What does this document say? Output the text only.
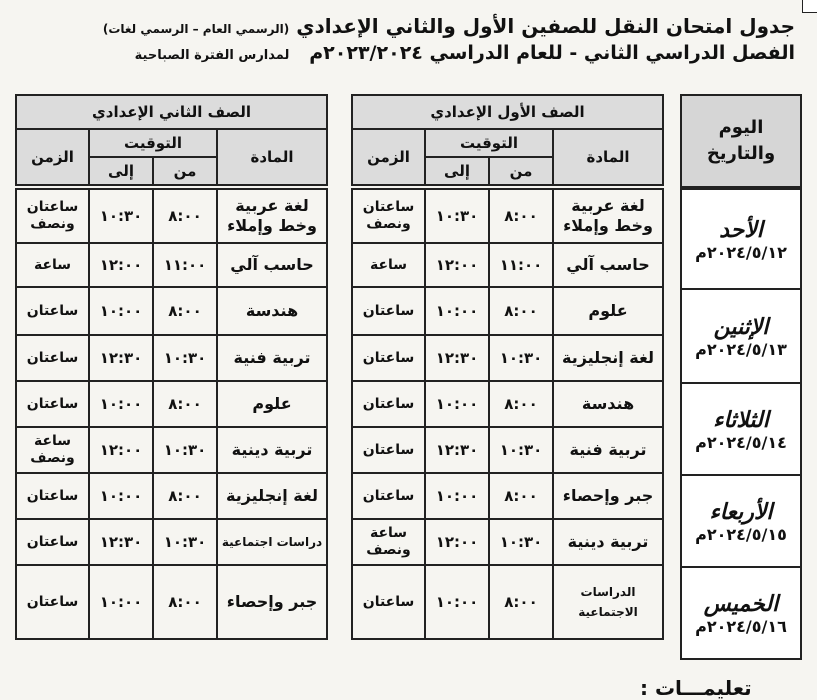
جدول امتحان النقل للصفين الأول والثاني الإعدادي (الرسمي العام – الرسمي لغات)
الفصل الدراسي الثاني - للعام الدراسي ٢٠٢٣/٢٠٢٤م   لمدارس الفترة الصباحية
اليوم والتاريخ

الأحد
٢٠٢٤/٥/١٢م

الإثنين
٢٠٢٤/٥/١٣م

الثلاثاء
٢٠٢٤/٥/١٤م

الأربعاء
٢٠٢٤/٥/١٥م

الخميس
٢٠٢٤/٥/١٦م
الصف الأول الإعدادي			
المادة	التوقيت		الزمن
	من	إلى	

لغة عربية وخط وإملاء	٨:٠٠	١٠:٣٠	ساعتان ونصف
حاسب آلي	١١:٠٠	١٢:٠٠	ساعة
علوم	٨:٠٠	١٠:٠٠	ساعتان
لغة إنجليزية	١٠:٣٠	١٢:٣٠	ساعتان
هندسة	٨:٠٠	١٠:٠٠	ساعتان
تربية فنية	١٠:٣٠	١٢:٣٠	ساعتان
جبر وإحصاء	٨:٠٠	١٠:٠٠	ساعتان
تربية دينية	١٠:٣٠	١٢:٠٠	ساعة ونصف
الدراسات الاجتماعية	٨:٠٠	١٠:٠٠	ساعتان
الصف الثاني الإعدادي			
المادة	التوقيت		الزمن
	من	إلى	

لغة عربية وخط وإملاء	٨:٠٠	١٠:٣٠	ساعتان ونصف
حاسب آلي	١١:٠٠	١٢:٠٠	ساعة
هندسة	٨:٠٠	١٠:٠٠	ساعتان
تربية فنية	١٠:٣٠	١٢:٣٠	ساعتان
علوم	٨:٠٠	١٠:٠٠	ساعتان
تربية دينية	١٠:٣٠	١٢:٠٠	ساعة ونصف
لغة إنجليزية	٨:٠٠	١٠:٠٠	ساعتان
دراسات اجتماعية	١٠:٣٠	١٢:٣٠	ساعتان
جبر وإحصاء	٨:٠٠	١٠:٠٠	ساعتان
تعليمـــات :
